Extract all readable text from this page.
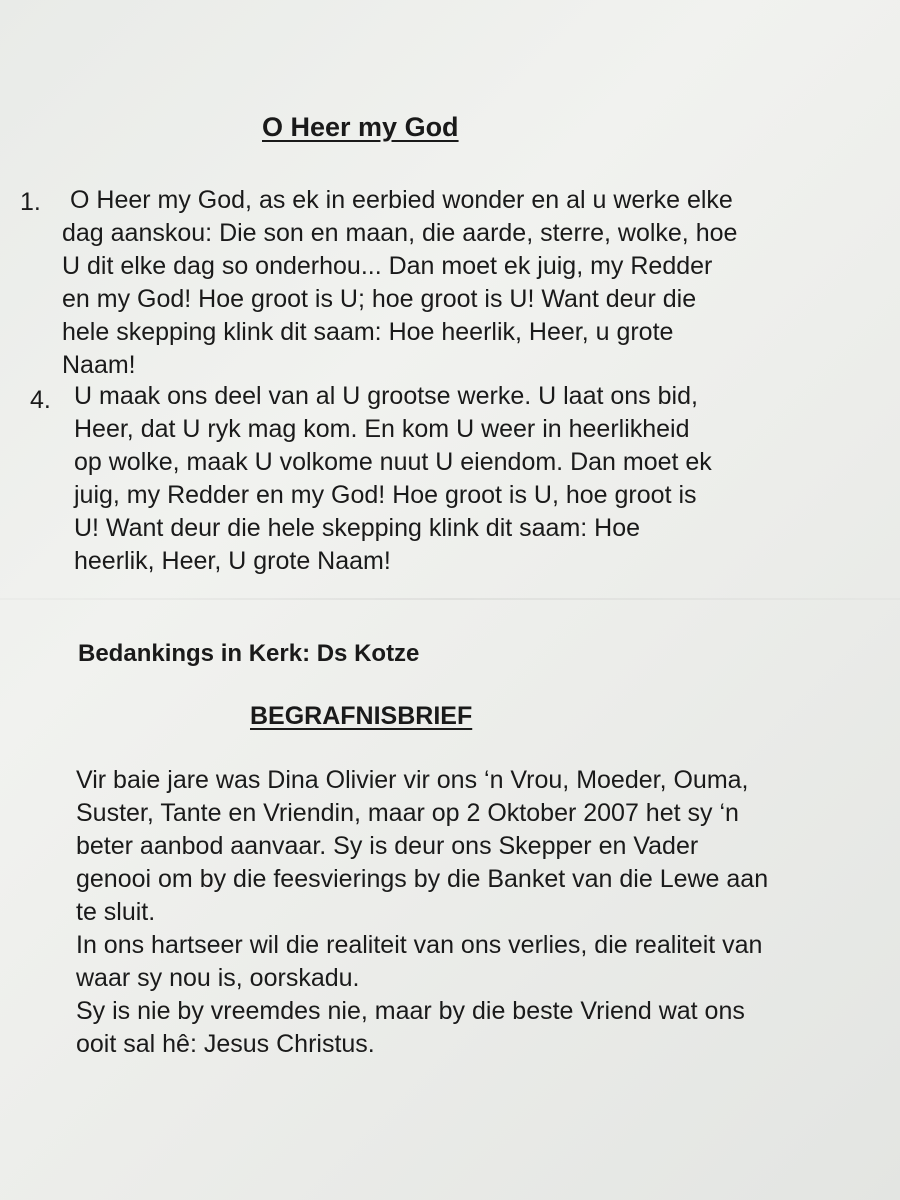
O Heer my God
1.	O Heer my God, as ek in eerbied wonder en al u werke elke dag aanskou: Die son en maan, die aarde, sterre, wolke, hoe U dit elke dag so onderhou... Dan moet ek juig, my Redder en my God! Hoe groot is U; hoe groot is U! Want deur die hele skepping klink dit saam: Hoe heerlik, Heer, u grote Naam!
4. U maak ons deel van al U grootse werke. U laat ons bid, Heer, dat U ryk mag kom. En kom U weer in heerlikheid op wolke, maak U volkome nuut U eiendom. Dan moet ek juig, my Redder en my God! Hoe groot is U, hoe groot is U! Want deur die hele skepping klink dit saam: Hoe heerlik, Heer, U grote Naam!
Bedankings in Kerk: Ds Kotze
BEGRAFNISBRIEF

Vir baie jare was Dina Olivier vir ons ‘n Vrou, Moeder, Ouma, Suster, Tante en Vriendin, maar op 2 Oktober 2007 het sy ‘n beter aanbod aanvaar. Sy is deur ons Skepper en Vader genooi om by die feesvierings by die Banket van die Lewe aan te sluit.

In ons hartseer wil die realiteit van ons verlies, die realiteit van waar sy nou is, oorskadu.

Sy is nie by vreemdes nie, maar by die beste Vriend wat ons ooit sal hê: Jesus Christus.
